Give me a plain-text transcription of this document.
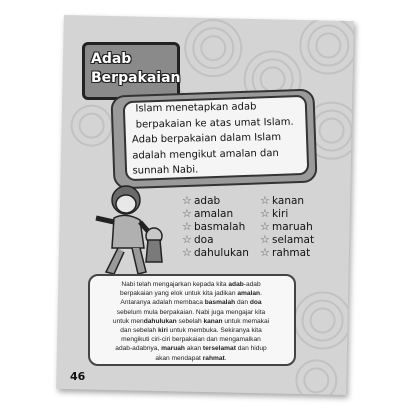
Adab
Berpakaian
Islam menetapkan adab
berpakaian ke atas umat Islam.
Adab berpakaian dalam Islam
adalah mengikut amalan dan
sunnah Nabi.
☆ adab
☆ amalan
☆ basmalah
☆ doa
☆ dahulukan
☆ kanan
☆ kiri
☆ maruah
☆ selamat
☆ rahmat
Nabi telah mengajarkan kepada kita adab-adab
berpakaian yang elok untuk kita jadikan amalan.
Antaranya adalah membaca basmalah dan doa
sebelum mula berpakaian. Nabi juga mengajar kita
untuk mendahulukan sebelah kanan untuk memakai
dan sebelah kiri untuk membuka. Sekiranya kita
mengikuti ciri-ciri berpakaian dan mengamalkan
adab-adabnya, maruah akan terselamat dan hidup
akan mendapat rahmat.
46
